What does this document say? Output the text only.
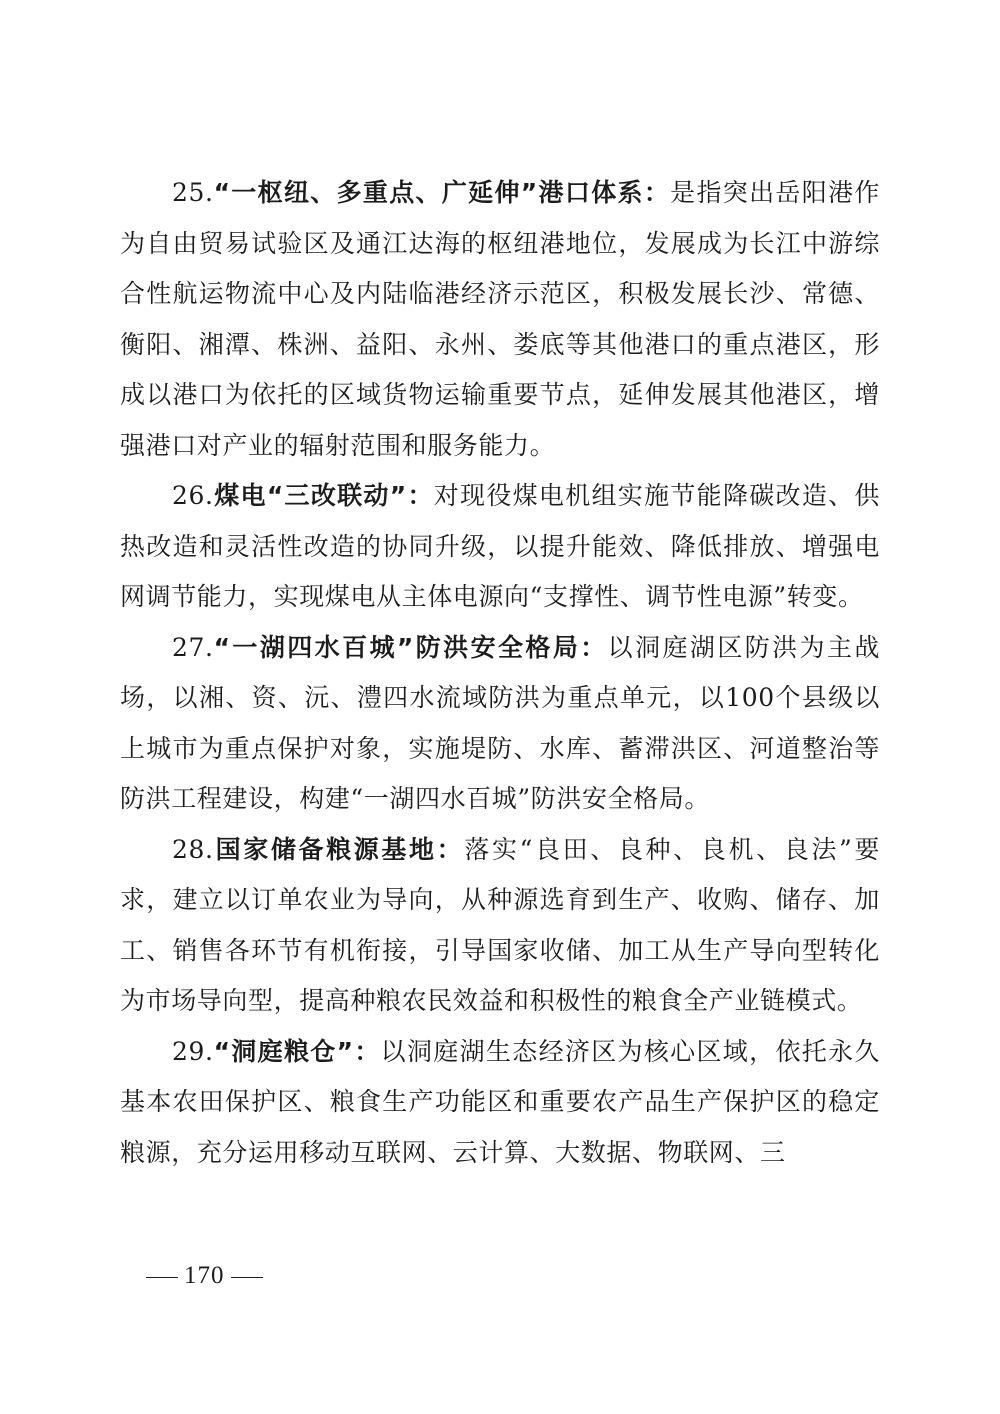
25.“一枢纽、多重点、广延伸”港口体系：是指突出岳阳港作为自由贸易试验区及通江达海的枢纽港地位，发展成为长江中游综合性航运物流中心及内陆临港经济示范区，积极发展长沙、常德、衡阳、湘潭、株洲、益阳、永州、娄底等其他港口的重点港区，形成以港口为依托的区域货物运输重要节点，延伸发展其他港区，增强港口对产业的辐射范围和服务能力。

26.煤电“三改联动”：对现役煤电机组实施节能降碳改造、供热改造和灵活性改造的协同升级，以提升能效、降低排放、增强电网调节能力，实现煤电从主体电源向“支撑性、调节性电源”转变。

27.“一湖四水百城”防洪安全格局：以洞庭湖区防洪为主战场，以湘、资、沅、澧四水流域防洪为重点单元，以100个县级以上城市为重点保护对象，实施堤防、水库、蓄滞洪区、河道整治等防洪工程建设，构建“一湖四水百城”防洪安全格局。

28.国家储备粮源基地：落实“良田、良种、良机、良法”要求，建立以订单农业为导向，从种源选育到生产、收购、储存、加工、销售各环节有机衔接，引导国家收储、加工从生产导向型转化为市场导向型，提高种粮农民效益和积极性的粮食全产业链模式。

29.“洞庭粮仓”：以洞庭湖生态经济区为核心区域，依托永久基本农田保护区、粮食生产功能区和重要农产品生产保护区的稳定粮源，充分运用移动互联网、云计算、大数据、物联网、三

170
